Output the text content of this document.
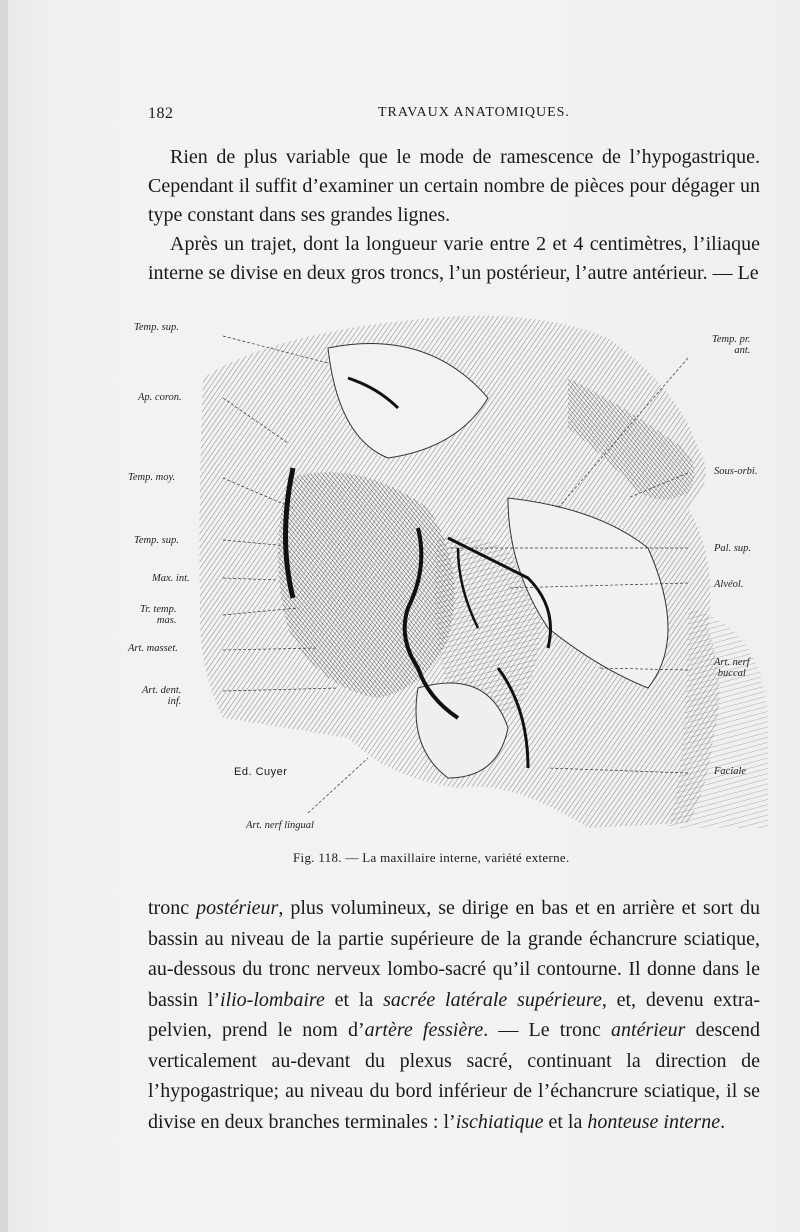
182	TRAVAUX ANATOMIQUES.

Rien de plus variable que le mode de ramescence de l’hypogastrique. Cependant il suffit d’examiner un certain nombre de pièces pour dégager un type constant dans ses grandes lignes.

Après un trajet, dont la longueur varie entre 2 et 4 centimètres, l’iliaque interne se divise en deux gros troncs, l’un postérieur, l’autre antérieur. — Le

Temp. sup.
Ap. coron.
Temp. moy.
Temp. sup.
Max. int.
Tr. temp.
mas.
Art. masset.
Art. dent.
inf.
Temp. pr.
ant.
Sous-orbi.
Pal. sup.
Alvéol.
Art. nerf
buccal
Faciale
Art. nerf lingual
Ed. Cuyer
Fig. 118. — La maxillaire interne, variété externe.

tronc postérieur, plus volumineux, se dirige en bas et en arrière et sort du bassin au niveau de la partie supérieure de la grande échancrure sciatique, au-dessous du tronc nerveux lombo-sacré qu’il contourne. Il donne dans le bassin l’ilio-lombaire et la sacrée latérale supérieure, et, devenu extra-pelvien, prend le nom d’artère fessière. — Le tronc antérieur descend verticalement au-devant du plexus sacré, continuant la direction de l’hypogastrique; au niveau du bord inférieur de l’échancrure sciatique, il se divise en deux branches terminales : l’ischiatique et la honteuse interne.
